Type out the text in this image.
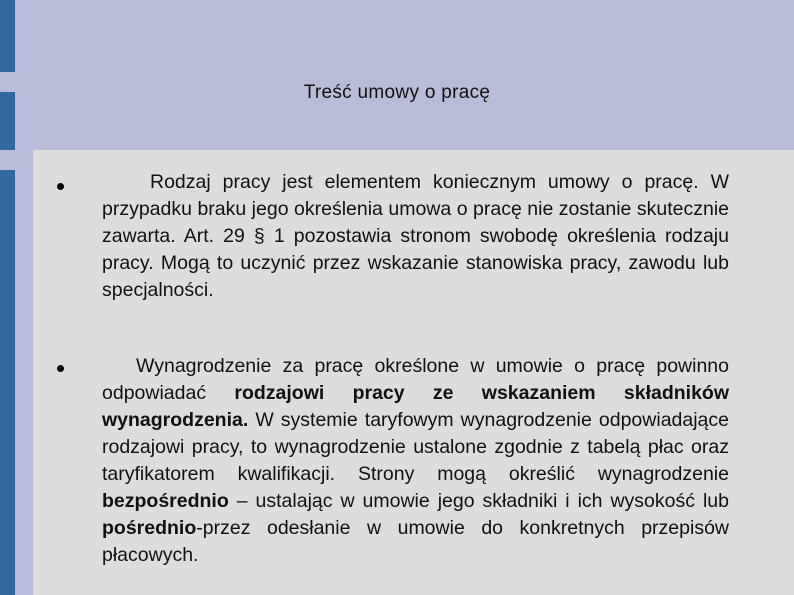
Treść umowy o pracę
Rodzaj pracy jest elementem koniecznym umowy o pracę. W przypadku braku jego określenia umowa o pracę nie zostanie skutecznie zawarta. Art. 29 § 1 pozostawia stronom swobodę określenia rodzaju pracy. Mogą to uczynić przez wskazanie stanowiska pracy, zawodu lub specjalności.
Wynagrodzenie za pracę określone w umowie o pracę powinno odpowiadać rodzajowi pracy ze wskazaniem składników wynagrodzenia. W systemie taryfowym wynagrodzenie odpowiadające rodzajowi pracy, to wynagrodzenie ustalone zgodnie z tabelą płac oraz taryfikatorem kwalifikacji. Strony mogą określić wynagrodzenie bezpośrednio – ustalając w umowie jego składniki i ich wysokość lub pośrednio-przez odesłanie w umowie do konkretnych przepisów płacowych.
